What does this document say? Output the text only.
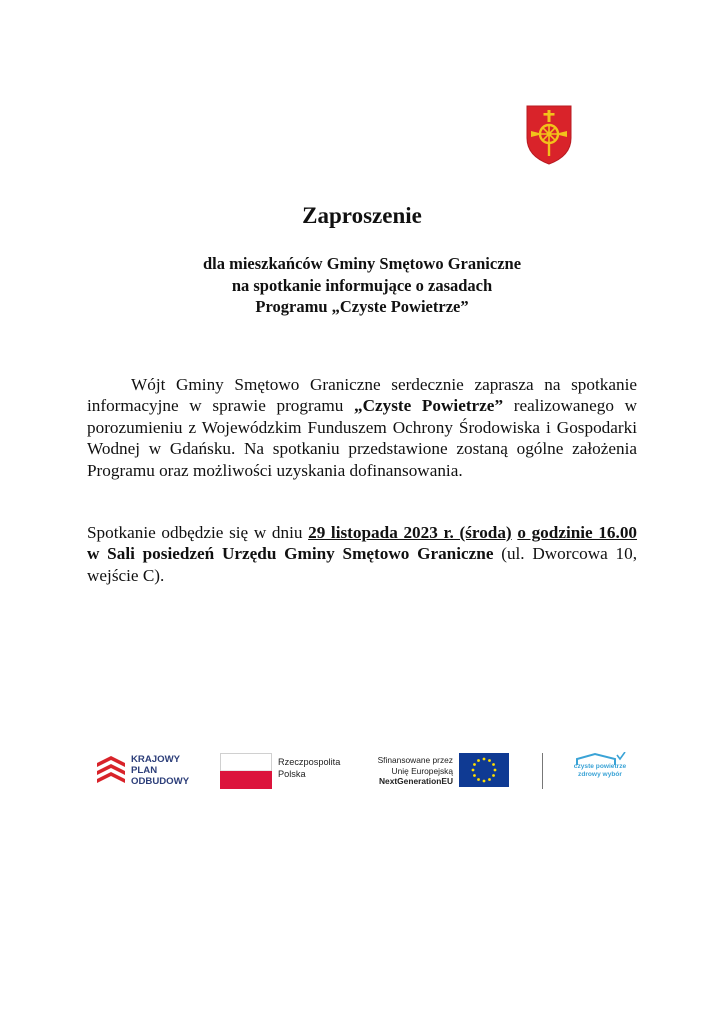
Zaproszenie
dla mieszkańców Gminy Smętowo Graniczne
na spotkanie informujące o zasadach
Programu „Czyste Powietrze”

Wójt Gminy Smętowo Graniczne serdecznie zaprasza na spotkanie informacyjne w sprawie programu „Czyste Powietrze” realizowanego w porozumieniu z Wojewódzkim Funduszem Ochrony Środowiska i Gospodarki Wodnej w Gdańsku. Na spotkaniu przedstawione zostaną ogólne założenia Programu oraz możliwości uzyskania dofinansowania.

Spotkanie odbędzie się w dniu 29 listopada 2023 r. (środa) o godzinie 16.00 w Sali posiedzeń Urzędu Gminy Smętowo Graniczne (ul. Dworcowa 10, wejście C).

KRAJOWY
PLAN
ODBUDOWY
Rzeczpospolita
Polska
Sfinansowane przez
Unię Europejską
NextGenerationEU
czyste powietrze
zdrowy wybór
